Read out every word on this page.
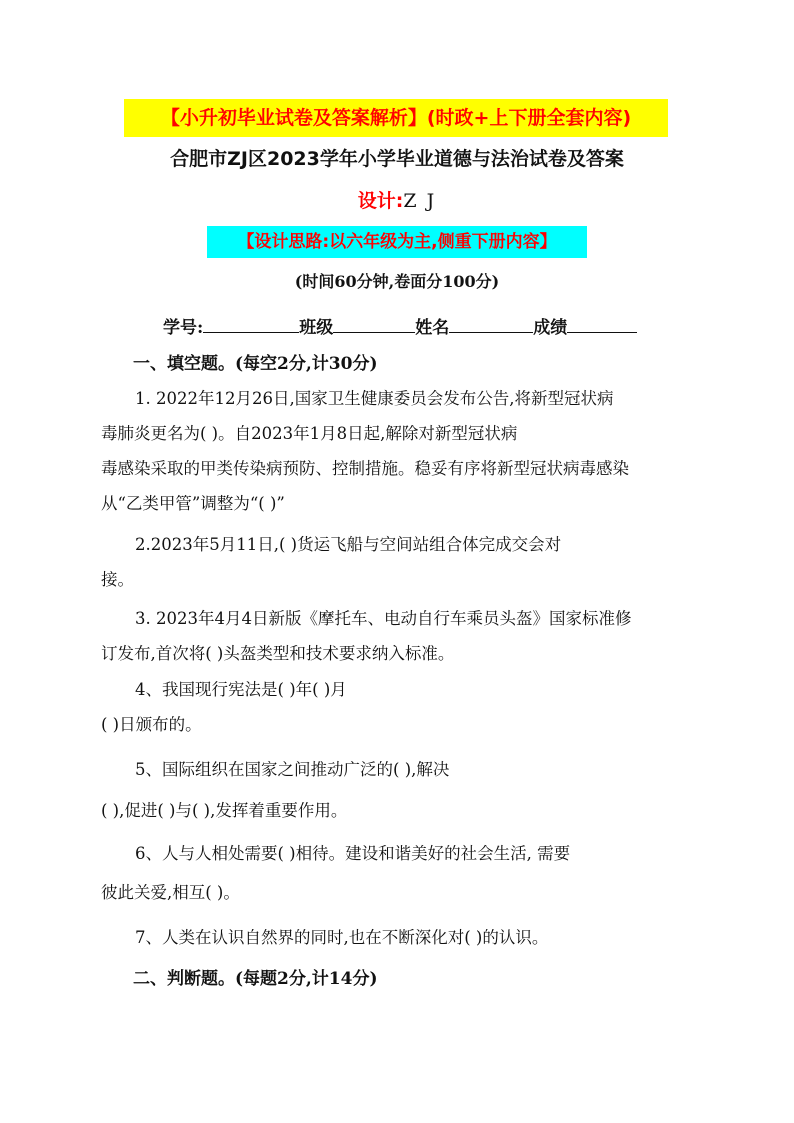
【小升初毕业试卷及答案解析】(时政+上下册全套内容)
合肥市ZJ区2023学年小学毕业道德与法治试卷及答案
设计:Z J
【设计思路:以六年级为主,侧重下册内容】
(时间60分钟,卷面分100分)
学号:	班级	姓名	成绩
一、填空题。(每空2分,计30分)
1. 2022年12月26日,国家卫生健康委员会发布公告,将新型冠状病
毒肺炎更名为( )。自2023年1月8日起,解除对新型冠状病
毒感染采取的甲类传染病预防、控制措施。稳妥有序将新型冠状病毒感染
从“乙类甲管”调整为“( )”
2.2023年5月11日,( )货运飞船与空间站组合体完成交会对
接。
3. 2023年4月4日新版《摩托车、电动自行车乘员头盔》国家标准修
订发布,首次将( )头盔类型和技术要求纳入标准。
4、我国现行宪法是( )年( )月
( )日颁布的。
5、国际组织在国家之间推动广泛的( ),解决
( ),促进( )与( ),发挥着重要作用。
6、人与人相处需要( )相待。建设和谐美好的社会生活, 需要
彼此关爱,相互( )。
7、人类在认识自然界的同时,也在不断深化对( )的认识。
二、判断题。(每题2分,计14分)
